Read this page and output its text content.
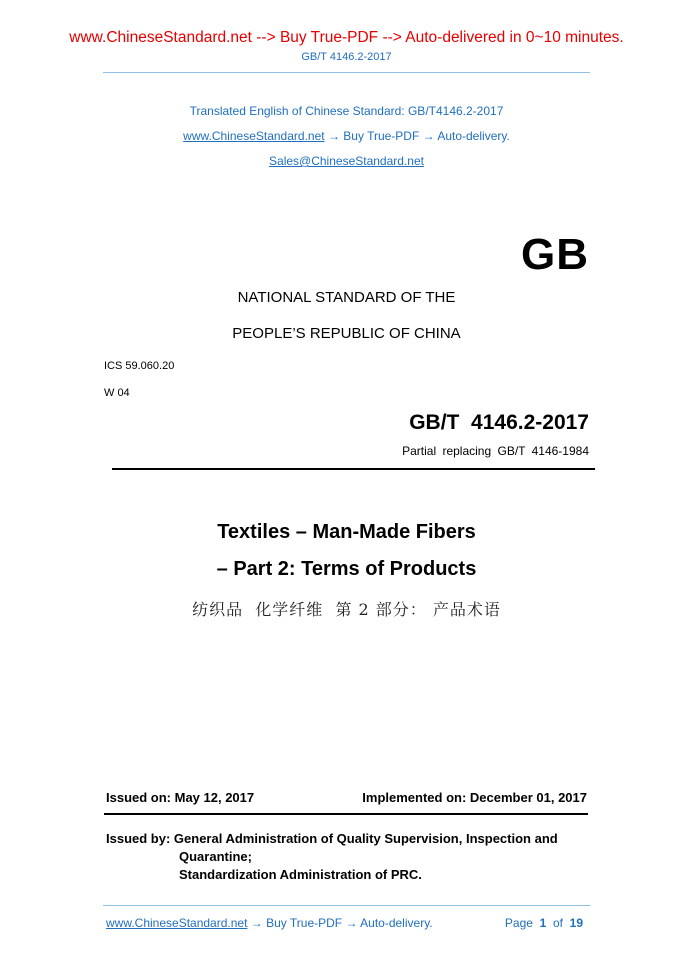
www.ChineseStandard.net --> Buy True-PDF --> Auto-delivered in 0~10 minutes.
GB/T 4146.2-2017
Translated English of Chinese Standard: GB/T4146.2-2017
www.ChineseStandard.net → Buy True-PDF → Auto-delivery.
Sales@ChineseStandard.net
GB
NATIONAL STANDARD OF THE
PEOPLE’S REPUBLIC OF CHINA
ICS 59.060.20
W 04
GB/T  4146.2-2017
Partial replacing GB/T 4146-1984
Textiles – Man-Made Fibers
– Part 2: Terms of Products
纺织品  化学纤维  第 2 部分： 产品术语
Issued on: May 12, 2017	Implemented on: December 01, 2017
Issued by: General Administration of Quality Supervision, Inspection and
Quarantine;
Standardization Administration of PRC.
www.ChineseStandard.net → Buy True-PDF → Auto-delivery.	Page 1 of 19
